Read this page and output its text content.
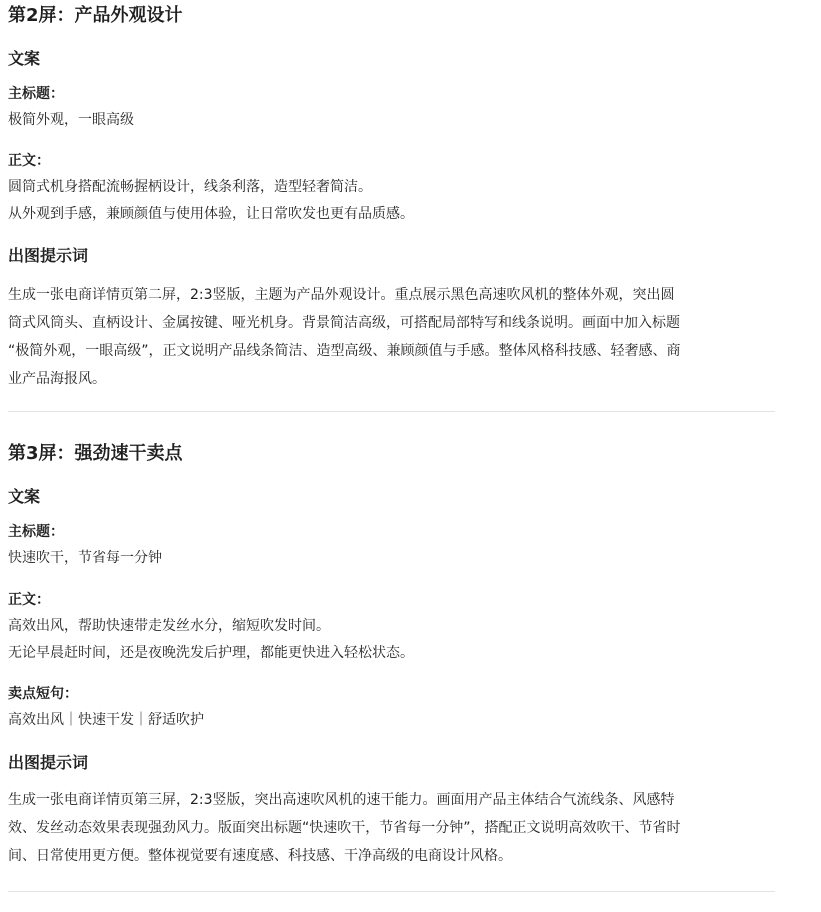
第2屏：产品外观设计
文案
主标题：
极简外观，一眼高级
正文：
圆筒式机身搭配流畅握柄设计，线条利落，造型轻奢简洁。
从外观到手感，兼顾颜值与使用体验，让日常吹发也更有品质感。
出图提示词
生成一张电商详情页第二屏，2:3竖版，主题为产品外观设计。重点展示黑色高速吹风机的整体外观，突出圆
筒式风筒头、直柄设计、金属按键、哑光机身。背景简洁高级，可搭配局部特写和线条说明。画面中加入标题
“极简外观，一眼高级”，正文说明产品线条简洁、造型高级、兼顾颜值与手感。整体风格科技感、轻奢感、商
业产品海报风。
第3屏：强劲速干卖点
文案
主标题：
快速吹干，节省每一分钟
正文：
高效出风，帮助快速带走发丝水分，缩短吹发时间。
无论早晨赶时间，还是夜晚洗发后护理，都能更快进入轻松状态。
卖点短句：
高效出风｜快速干发｜舒适吹护
出图提示词
生成一张电商详情页第三屏，2:3竖版，突出高速吹风机的速干能力。画面用产品主体结合气流线条、风感特
效、发丝动态效果表现强劲风力。版面突出标题“快速吹干，节省每一分钟”，搭配正文说明高效吹干、节省时
间、日常使用更方便。整体视觉要有速度感、科技感、干净高级的电商设计风格。
